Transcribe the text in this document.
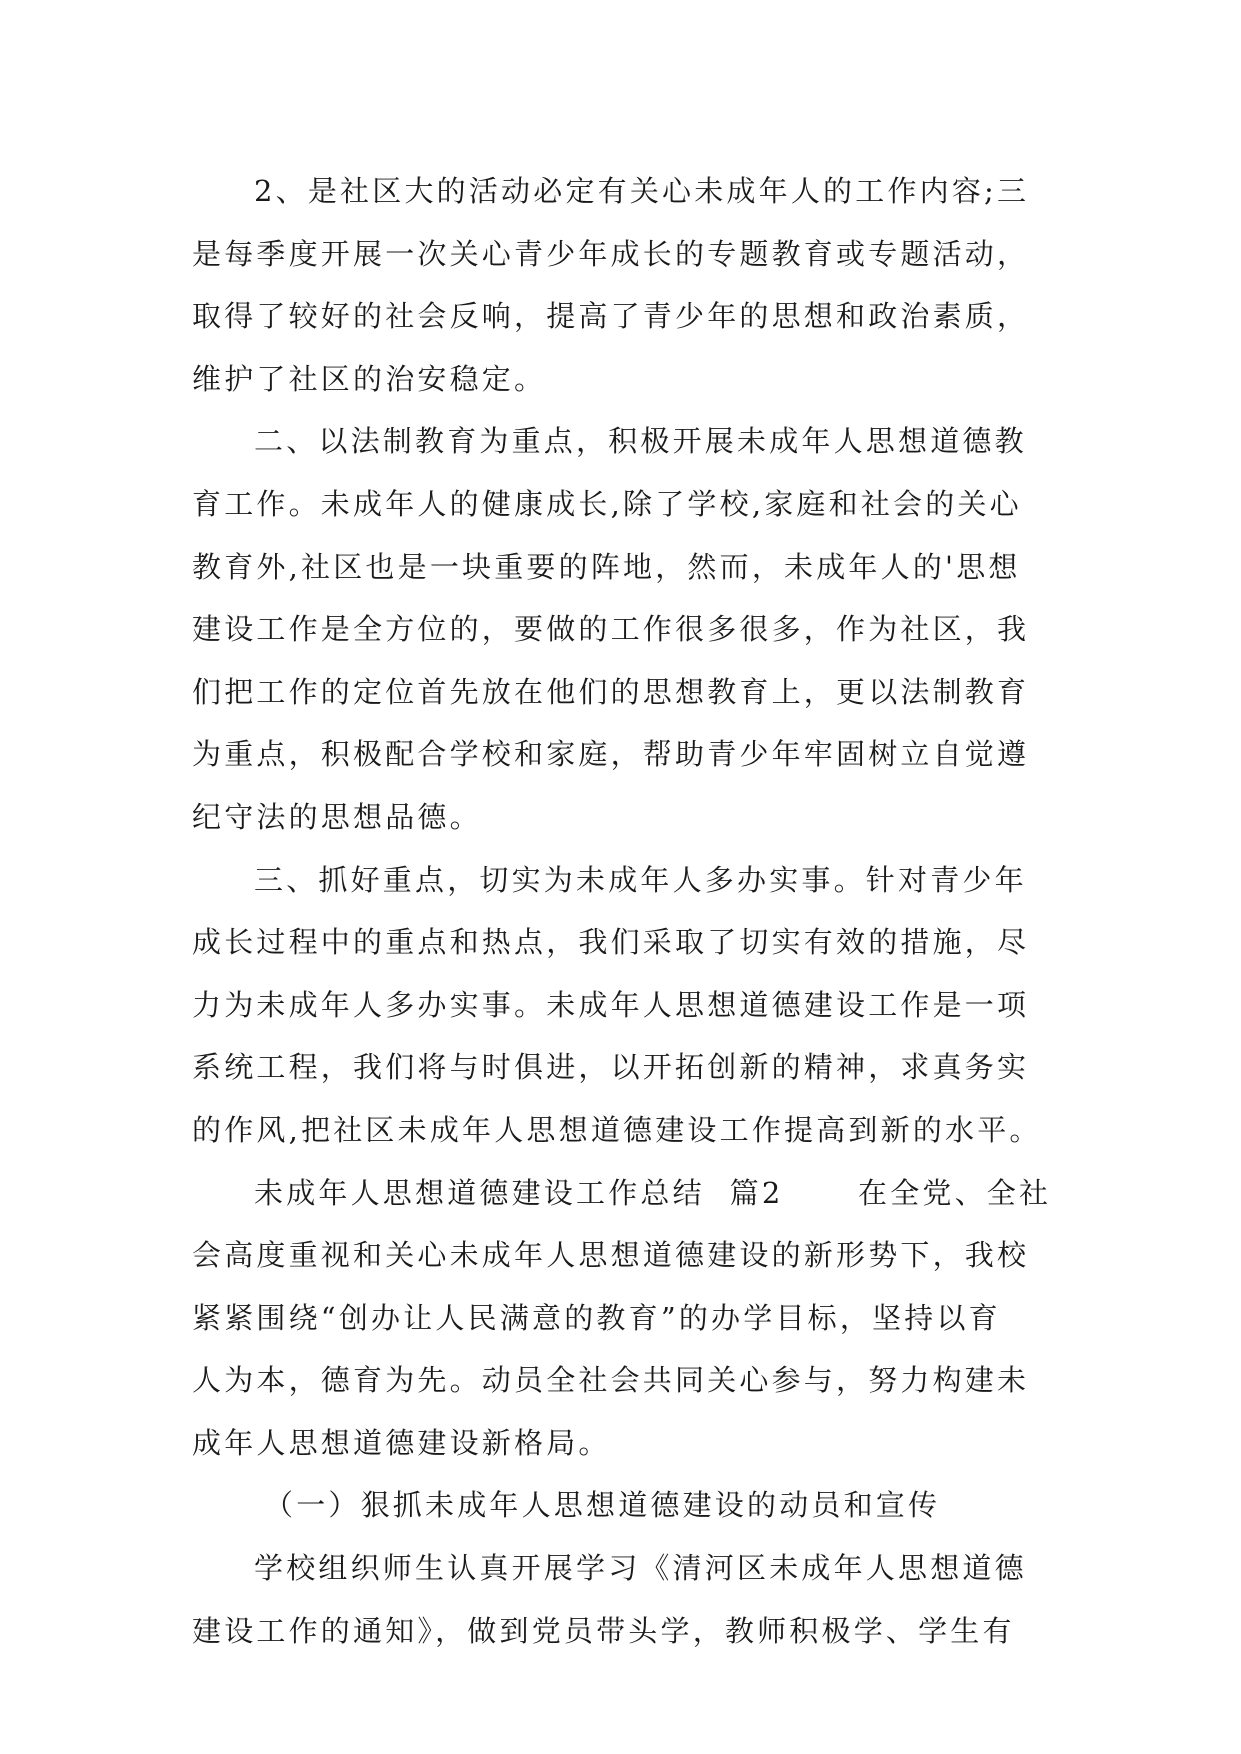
2、是社区大的活动必定有关心未成年人的工作内容;三
是每季度开展一次关心青少年成长的专题教育或专题活动，
取得了较好的社会反响，提高了青少年的思想和政治素质，
维护了社区的治安稳定。
二、以法制教育为重点，积极开展未成年人思想道德教
育工作。未成年人的健康成长,除了学校,家庭和社会的关心
教育外,社区也是一块重要的阵地，然而，未成年人的'思想
建设工作是全方位的，要做的工作很多很多，作为社区，我
们把工作的定位首先放在他们的思想教育上，更以法制教育
为重点，积极配合学校和家庭，帮助青少年牢固树立自觉遵
纪守法的思想品德。
三、抓好重点，切实为未成年人多办实事。针对青少年
成长过程中的重点和热点，我们采取了切实有效的措施，尽
力为未成年人多办实事。未成年人思想道德建设工作是一项
系统工程，我们将与时俱进，以开拓创新的精神，求真务实
的作风,把社区未成年人思想道德建设工作提高到新的水平。
未成年人思想道德建设工作总结  篇2      在全党、全社
会高度重视和关心未成年人思想道德建设的新形势下，我校
紧紧围绕“创办让人民满意的教育”的办学目标，坚持以育
人为本，德育为先。动员全社会共同关心参与，努力构建未
成年人思想道德建设新格局。
（一）狠抓未成年人思想道德建设的动员和宣传
学校组织师生认真开展学习《清河区未成年人思想道德
建设工作的通知》，做到党员带头学，教师积极学、学生有
